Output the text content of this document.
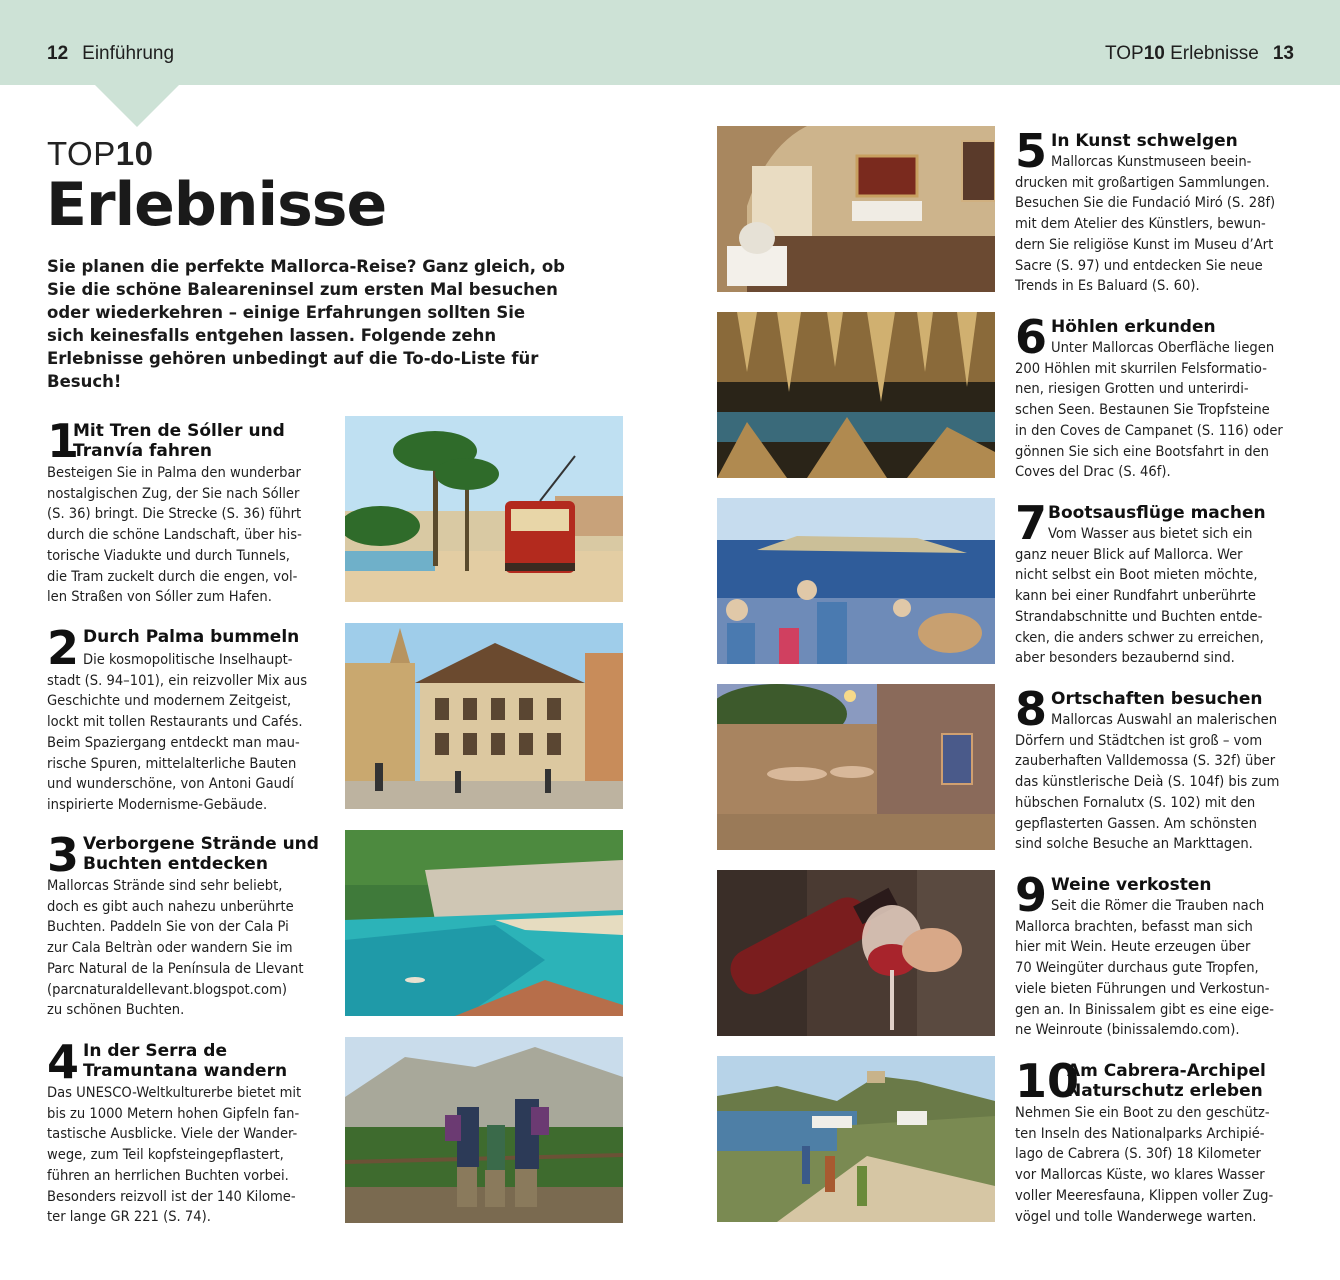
12 Einführung	TOP10 Erlebnisse 13
TOP10
Erlebnisse
Sie planen die perfekte Mallorca-Reise? Ganz gleich, ob Sie die schöne Baleareninsel zum ersten Mal besuchen oder wiederkehren – einige Erfahrungen sollten Sie sich keinesfalls entgehen lassen. Folgende zehn Erlebnisse gehören unbedingt auf die To-do-Liste für Besuch!
1
Mit Tren de Sóller und
Tranvía fahren
Besteigen Sie in Palma den wunderbar
nostalgischen Zug, der Sie nach Sóller
(S. 36) bringt. Die Strecke (S. 36) führt
durch die schöne Landschaft, über his-
torische Viadukte und durch Tunnels,
die Tram zuckelt durch die engen, vol-
len Straßen von Sóller zum Hafen.
2 Durch Palma bummeln
Die kosmopolitische Inselhaupt-
stadt (S. 94–101), ein reizvoller Mix aus
Geschichte und modernem Zeitgeist,
lockt mit tollen Restaurants und Cafés.
Beim Spaziergang entdeckt man mau-
rische Spuren, mittelalterliche Bauten
und wunderschöne, von Antoni Gaudí
inspirierte Modernisme-Gebäude.
3 Verborgene Strände und
Buchten entdecken
Mallorcas Strände sind sehr beliebt,
doch es gibt auch nahezu unberührte
Buchten. Paddeln Sie von der Cala Pi
zur Cala Beltràn oder wandern Sie im
Parc Natural de la Península de Llevant
(parcnaturaldellevant.blogspot.com)
zu schönen Buchten.
4 In der Serra de
Tramuntana wandern
Das UNESCO-Weltkulturerbe bietet mit
bis zu 1000 Metern hohen Gipfeln fan-
tastische Ausblicke. Viele der Wander-
wege, zum Teil kopfsteingepflastert,
führen an herrlichen Buchten vorbei.
Besonders reizvoll ist der 140 Kilome-
ter lange GR 221 (S. 74).
5 In Kunst schwelgen
Mallorcas Kunstmuseen beein-
drucken mit großartigen Sammlungen.
Besuchen Sie die Fundació Miró (S. 28f)
mit dem Atelier des Künstlers, bewun-
dern Sie religiöse Kunst im Museu d’Art
Sacre (S. 97) und entdecken Sie neue
Trends in Es Baluard (S. 60).
6 Höhlen erkunden
Unter Mallorcas Oberfläche liegen
200 Höhlen mit skurrilen Felsformatio-
nen, riesigen Grotten und unterirdi-
schen Seen. Bestaunen Sie Tropfsteine
in den Coves de Campanet (S. 116) oder
gönnen Sie sich eine Bootsfahrt in den
Coves del Drac (S. 46f).
7 Bootsausflüge machen
Vom Wasser aus bietet sich ein
ganz neuer Blick auf Mallorca. Wer
nicht selbst ein Boot mieten möchte,
kann bei einer Rundfahrt unberührte
Strandabschnitte und Buchten entde-
cken, die anders schwer zu erreichen,
aber besonders bezaubernd sind.
8 Ortschaften besuchen
Mallorcas Auswahl an malerischen
Dörfern und Städtchen ist groß – vom
zauberhaften Valldemossa (S. 32f) über
das künstlerische Deià (S. 104f) bis zum
hübschen Fornalutx (S. 102) mit den
gepflasterten Gassen. Am schönsten
sind solche Besuche an Markttagen.
9 Weine verkosten
Seit die Römer die Trauben nach
Mallorca brachten, befasst man sich
hier mit Wein. Heute erzeugen über
70 Weingüter durchaus gute Tropfen,
viele bieten Führungen und Verkostun-
gen an. In Binissalem gibt es eine eige-
ne Weinroute (binissalemdo.com).
10
Am Cabrera-Archipel
Naturschutz erleben
Nehmen Sie ein Boot zu den geschütz-
ten Inseln des Nationalparks Archipié-
lago de Cabrera (S. 30f) 18 Kilometer
vor Mallorcas Küste, wo klares Wasser
voller Meeresfauna, Klippen voller Zug-
vögel und tolle Wanderwege warten.
